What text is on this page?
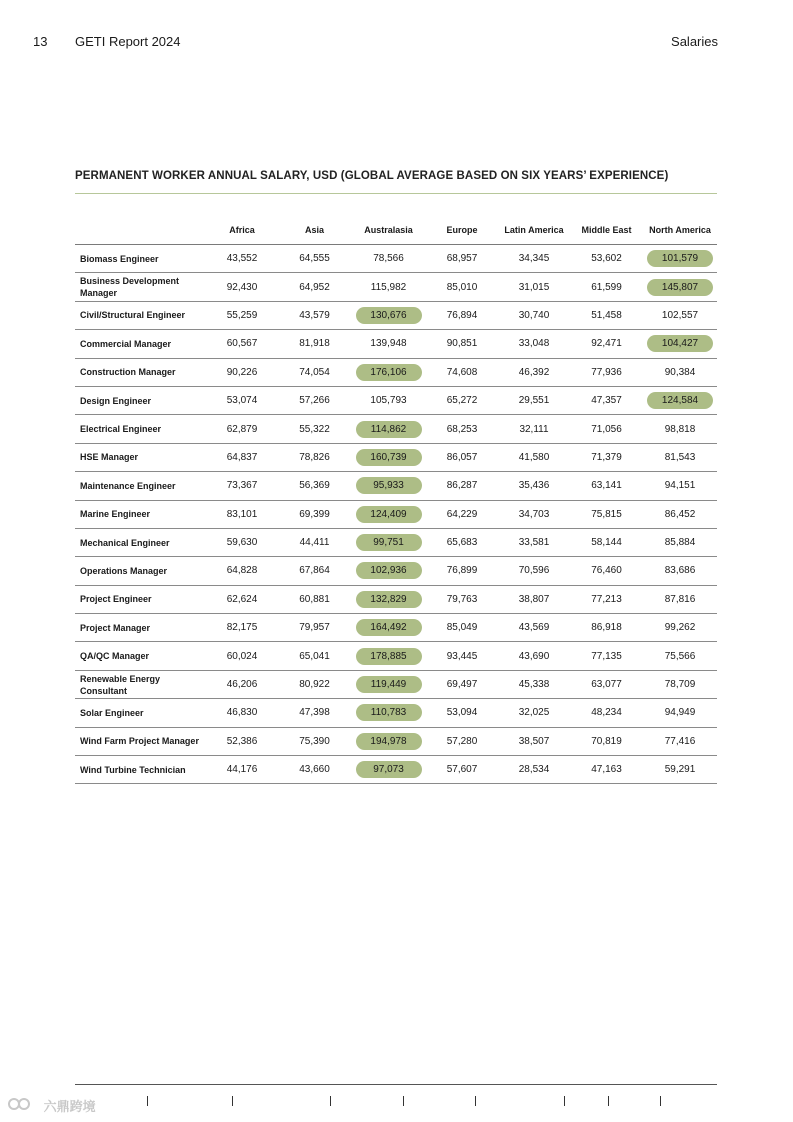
13 GETI Report 2024	Salaries
PERMANENT WORKER ANNUAL SALARY, USD (GLOBAL AVERAGE BASED ON SIX YEARS’ EXPERIENCE)
	Africa	Asia	Australasia	Europe	Latin America	Middle East	North America
Biomass Engineer	43,552	64,555	78,566	68,957	34,345	53,602	101,579
Business Development Manager	92,430	64,952	115,982	85,010	31,015	61,599	145,807
Civil/Structural Engineer	55,259	43,579	130,676	76,894	30,740	51,458	102,557
Commercial Manager	60,567	81,918	139,948	90,851	33,048	92,471	104,427
Construction Manager	90,226	74,054	176,106	74,608	46,392	77,936	90,384
Design Engineer	53,074	57,266	105,793	65,272	29,551	47,357	124,584
Electrical Engineer	62,879	55,322	114,862	68,253	32,111	71,056	98,818
HSE Manager	64,837	78,826	160,739	86,057	41,580	71,379	81,543
Maintenance Engineer	73,367	56,369	95,933	86,287	35,436	63,141	94,151
Marine Engineer	83,101	69,399	124,409	64,229	34,703	75,815	86,452
Mechanical Engineer	59,630	44,411	99,751	65,683	33,581	58,144	85,884
Operations Manager	64,828	67,864	102,936	76,899	70,596	76,460	83,686
Project Engineer	62,624	60,881	132,829	79,763	38,807	77,213	87,816
Project Manager	82,175	79,957	164,492	85,049	43,569	86,918	99,262
QA/QC Manager	60,024	65,041	178,885	93,445	43,690	77,135	75,566
Renewable Energy Consultant	46,206	80,922	119,449	69,497	45,338	63,077	78,709
Solar Engineer	46,830	47,398	110,783	53,094	32,025	48,234	94,949
Wind Farm Project Manager	52,386	75,390	194,978	57,280	38,507	70,819	77,416
Wind Turbine Technician	44,176	43,660	97,073	57,607	28,534	47,163	59,291
六鼎跨境
